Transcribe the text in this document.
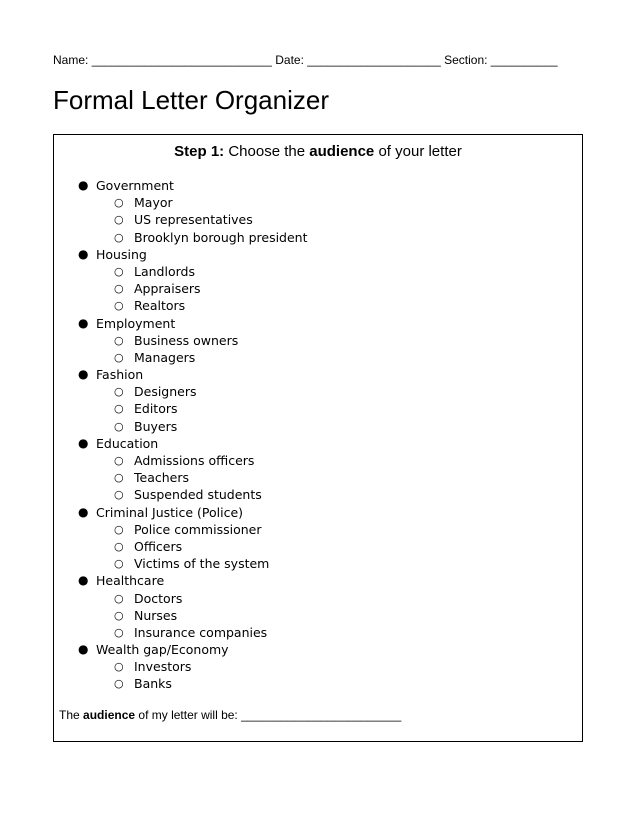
Name: ___________________________ Date: ____________________ Section: __________
Formal Letter Organizer
Step 1: Choose the audience of your letter
● Government
○ Mayor
○ US representatives
○ Brooklyn borough president
● Housing
○ Landlords
○ Appraisers
○ Realtors
● Employment
○ Business owners
○ Managers
● Fashion
○ Designers
○ Editors
○ Buyers
● Education
○ Admissions officers
○ Teachers
○ Suspended students
● Criminal Justice (Police)
○ Police commissioner
○ Officers
○ Victims of the system
● Healthcare
○ Doctors
○ Nurses
○ Insurance companies
● Wealth gap/Economy
○ Investors
○ Banks
The audience of my letter will be: ________________________
